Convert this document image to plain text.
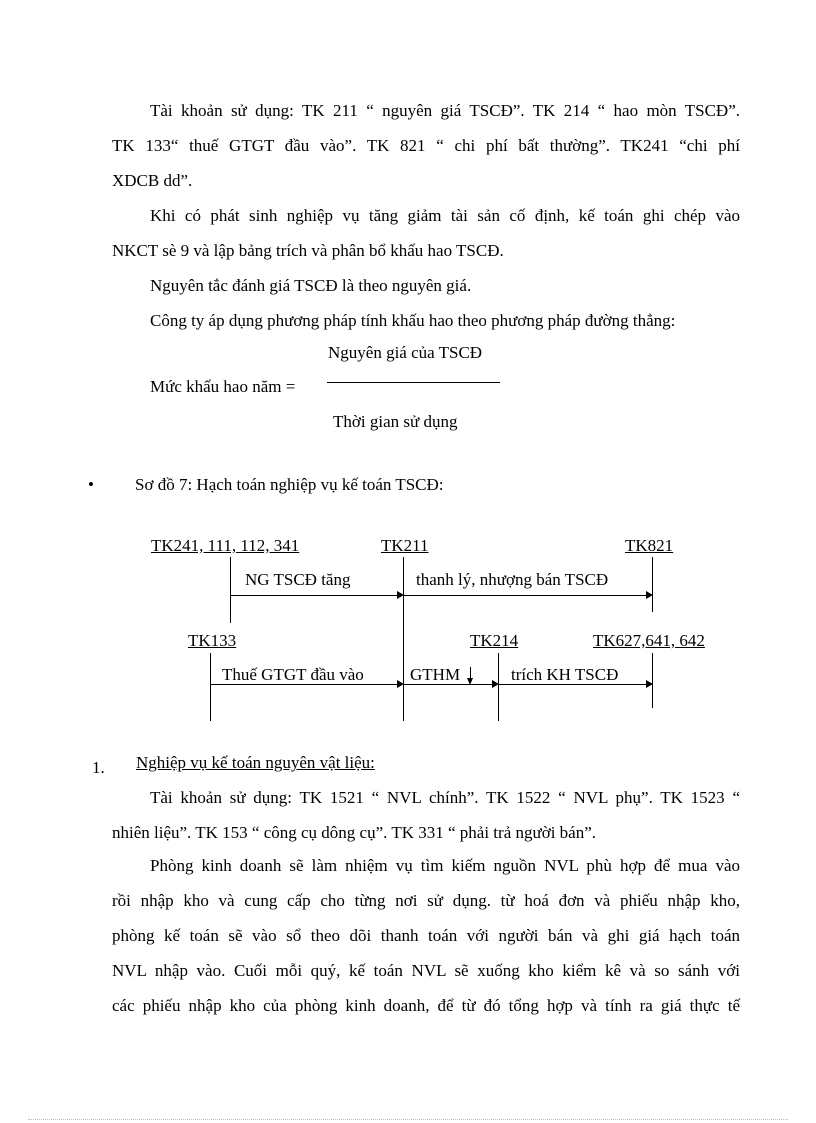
Tài khoản sử dụng: TK 211 “ nguyên giá TSCĐ”. TK 214 “ hao mòn TSCĐ”.
TK 133“ thuế GTGT đầu vào”. TK 821 “ chi phí bất thường”. TK241 “chi phí
XDCB dd”.
Khi có phát sinh nghiệp vụ tăng giảm tài sản cố định, kế toán ghi chép vào
NKCT sè 9 và lập bảng trích và phân bổ khấu hao TSCĐ.
Nguyên tắc đánh giá TSCĐ là theo nguyên giá.
Công ty áp dụng phương pháp tính khấu hao theo phương pháp đường thẳng:
Nguyên giá của TSCĐ
Mức khấu hao năm =
Thời gian sử dụng
• Sơ đồ 7: Hạch toán nghiệp vụ kế toán TSCĐ:
TK241, 111, 112, 341	TK211	TK821
NG TSCĐ tăng	thanh lý, nhượng bán TSCĐ
TK133	TK214	TK627,641, 642
Thuế GTGT đầu vào	GTHM	trích KH TSCĐ
1. Nghiệp vụ kế toán nguyên vật liệu:
Tài khoản sử dụng: TK 1521 “ NVL chính”. TK 1522 “ NVL phụ”. TK 1523 “
nhiên liệu”. TK 153 “ công cụ dông cụ”. TK 331 “ phải trả người bán”.
Phòng kinh doanh sẽ làm nhiệm vụ tìm kiếm nguồn NVL phù hợp để mua vào
rồi nhập kho và cung cấp cho từng nơi sử dụng. từ hoá đơn và phiếu nhập kho,
phòng kế toán sẽ vào sổ theo dõi thanh toán với người bán và ghi giá hạch toán
NVL nhập vào. Cuối mỗi quý, kế toán NVL sẽ xuống kho kiểm kê và so sánh với
các phiếu nhập kho của phòng kinh doanh, để từ đó tổng hợp và tính ra giá thực tế
